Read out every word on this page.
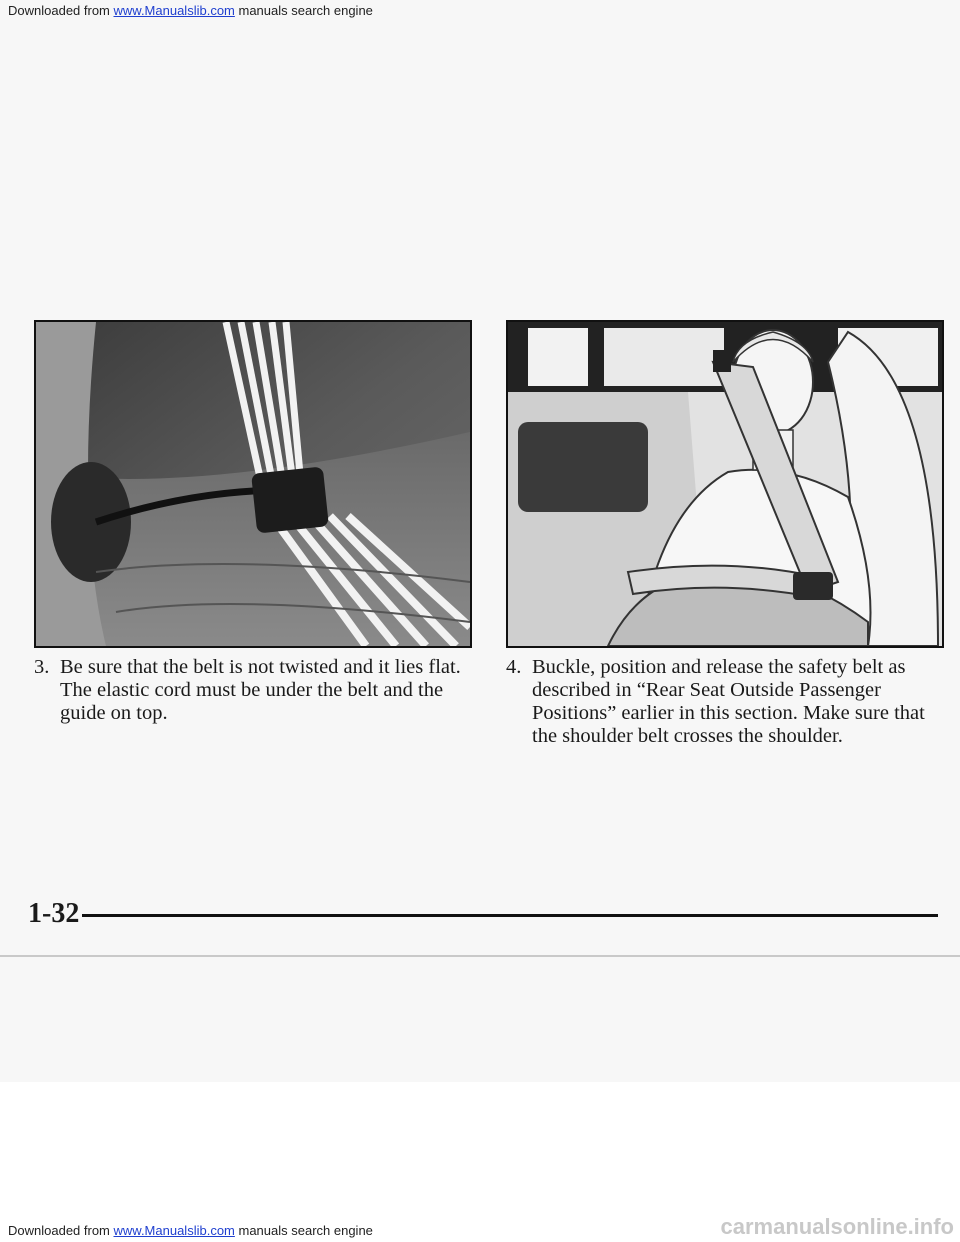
Downloaded from www.Manualslib.com manuals search engine
3. Be sure that the belt is not twisted and it lies flat. The elastic cord must be under the belt and the guide on top.
4. Buckle, position and release the safety belt as described in “Rear Seat Outside Passenger Positions” earlier in this section. Make sure that the shoulder belt crosses the shoulder.
1-32
Downloaded from www.Manualslib.com manuals search engine	carmanualsonline.info
